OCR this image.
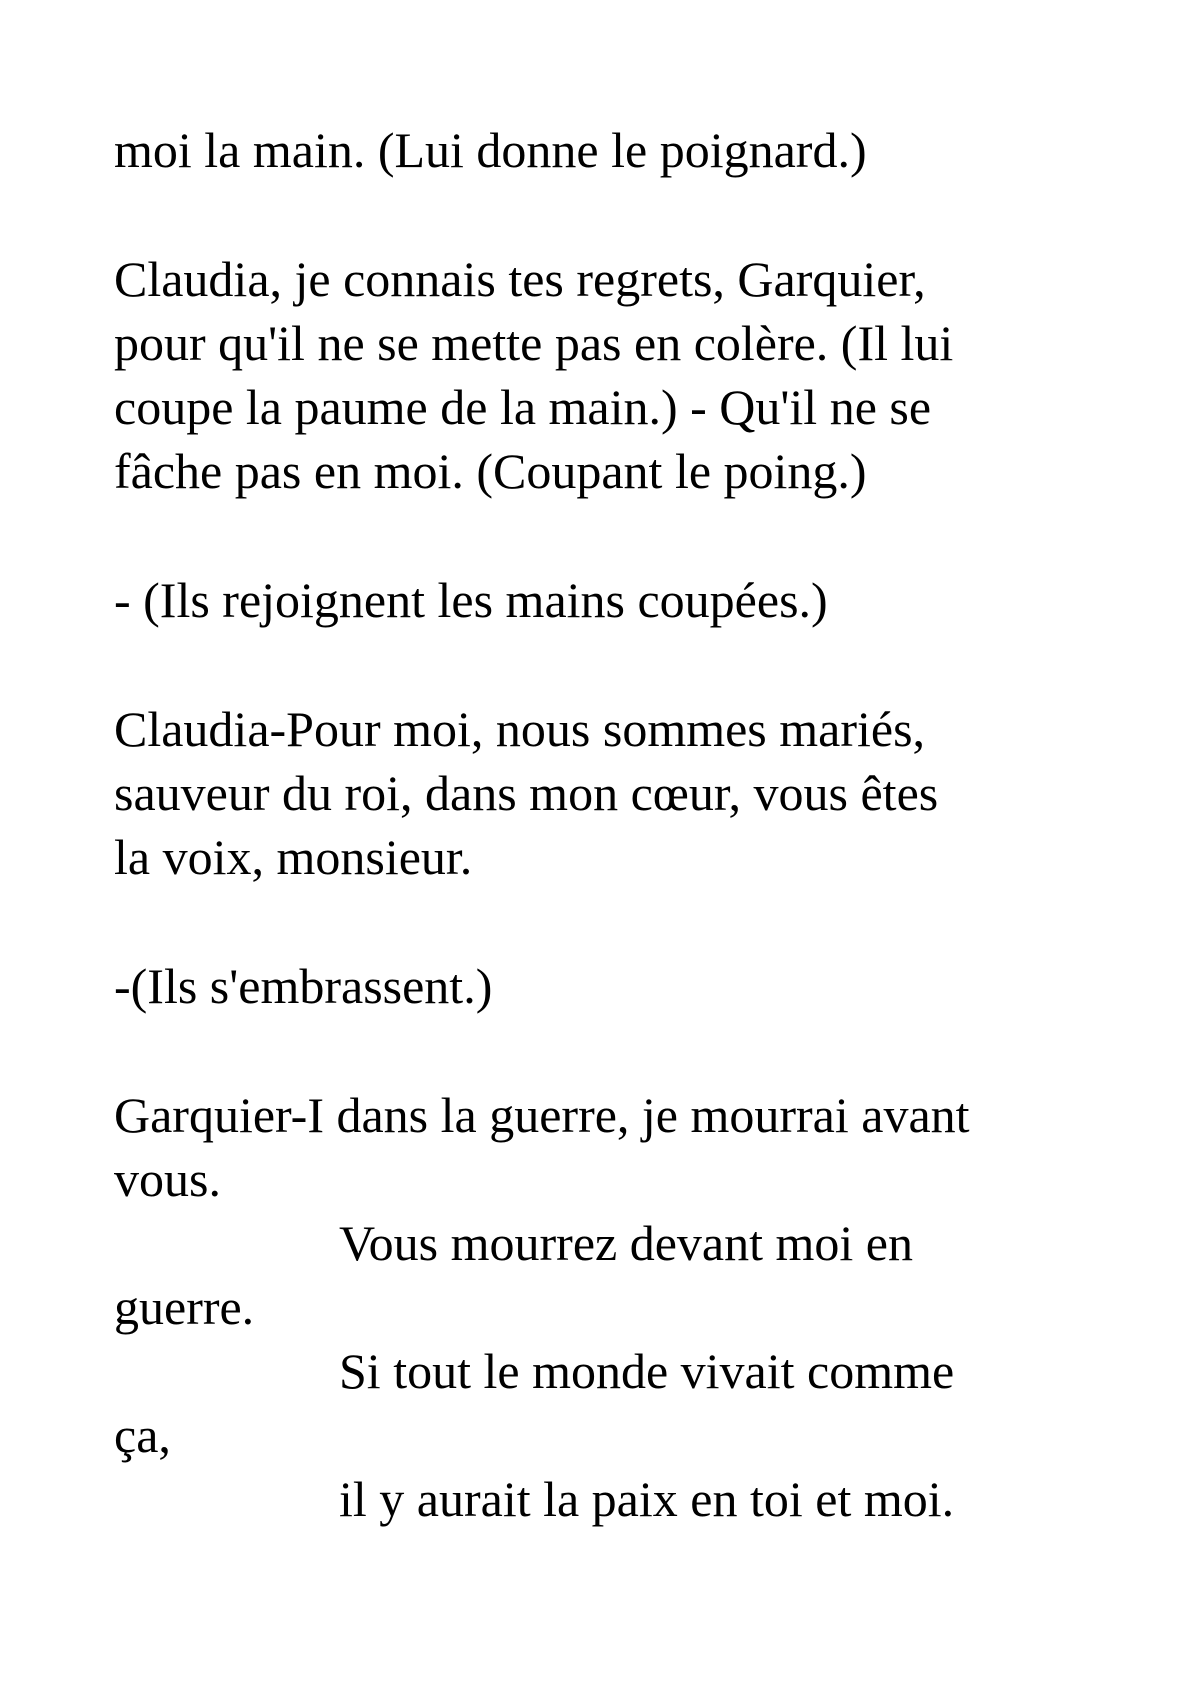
moi la main. (Lui donne le poignard.)

Claudia, je connais tes regrets, Garquier,

pour qu'il ne se mette pas en colère. (Il lui

coupe la paume de la main.) - Qu'il ne se

fâche pas en moi. (Coupant le poing.)

- (Ils rejoignent les mains coupées.)

Claudia-Pour moi, nous sommes mariés,

sauveur du roi, dans mon cœur, vous êtes

la voix, monsieur.

-(Ils s'embrassent.)

Garquier-I dans la guerre, je mourrai avant

vous.

Vous mourrez devant moi en

guerre.

Si tout le monde vivait comme

ça,

il y aurait la paix en toi et moi.
